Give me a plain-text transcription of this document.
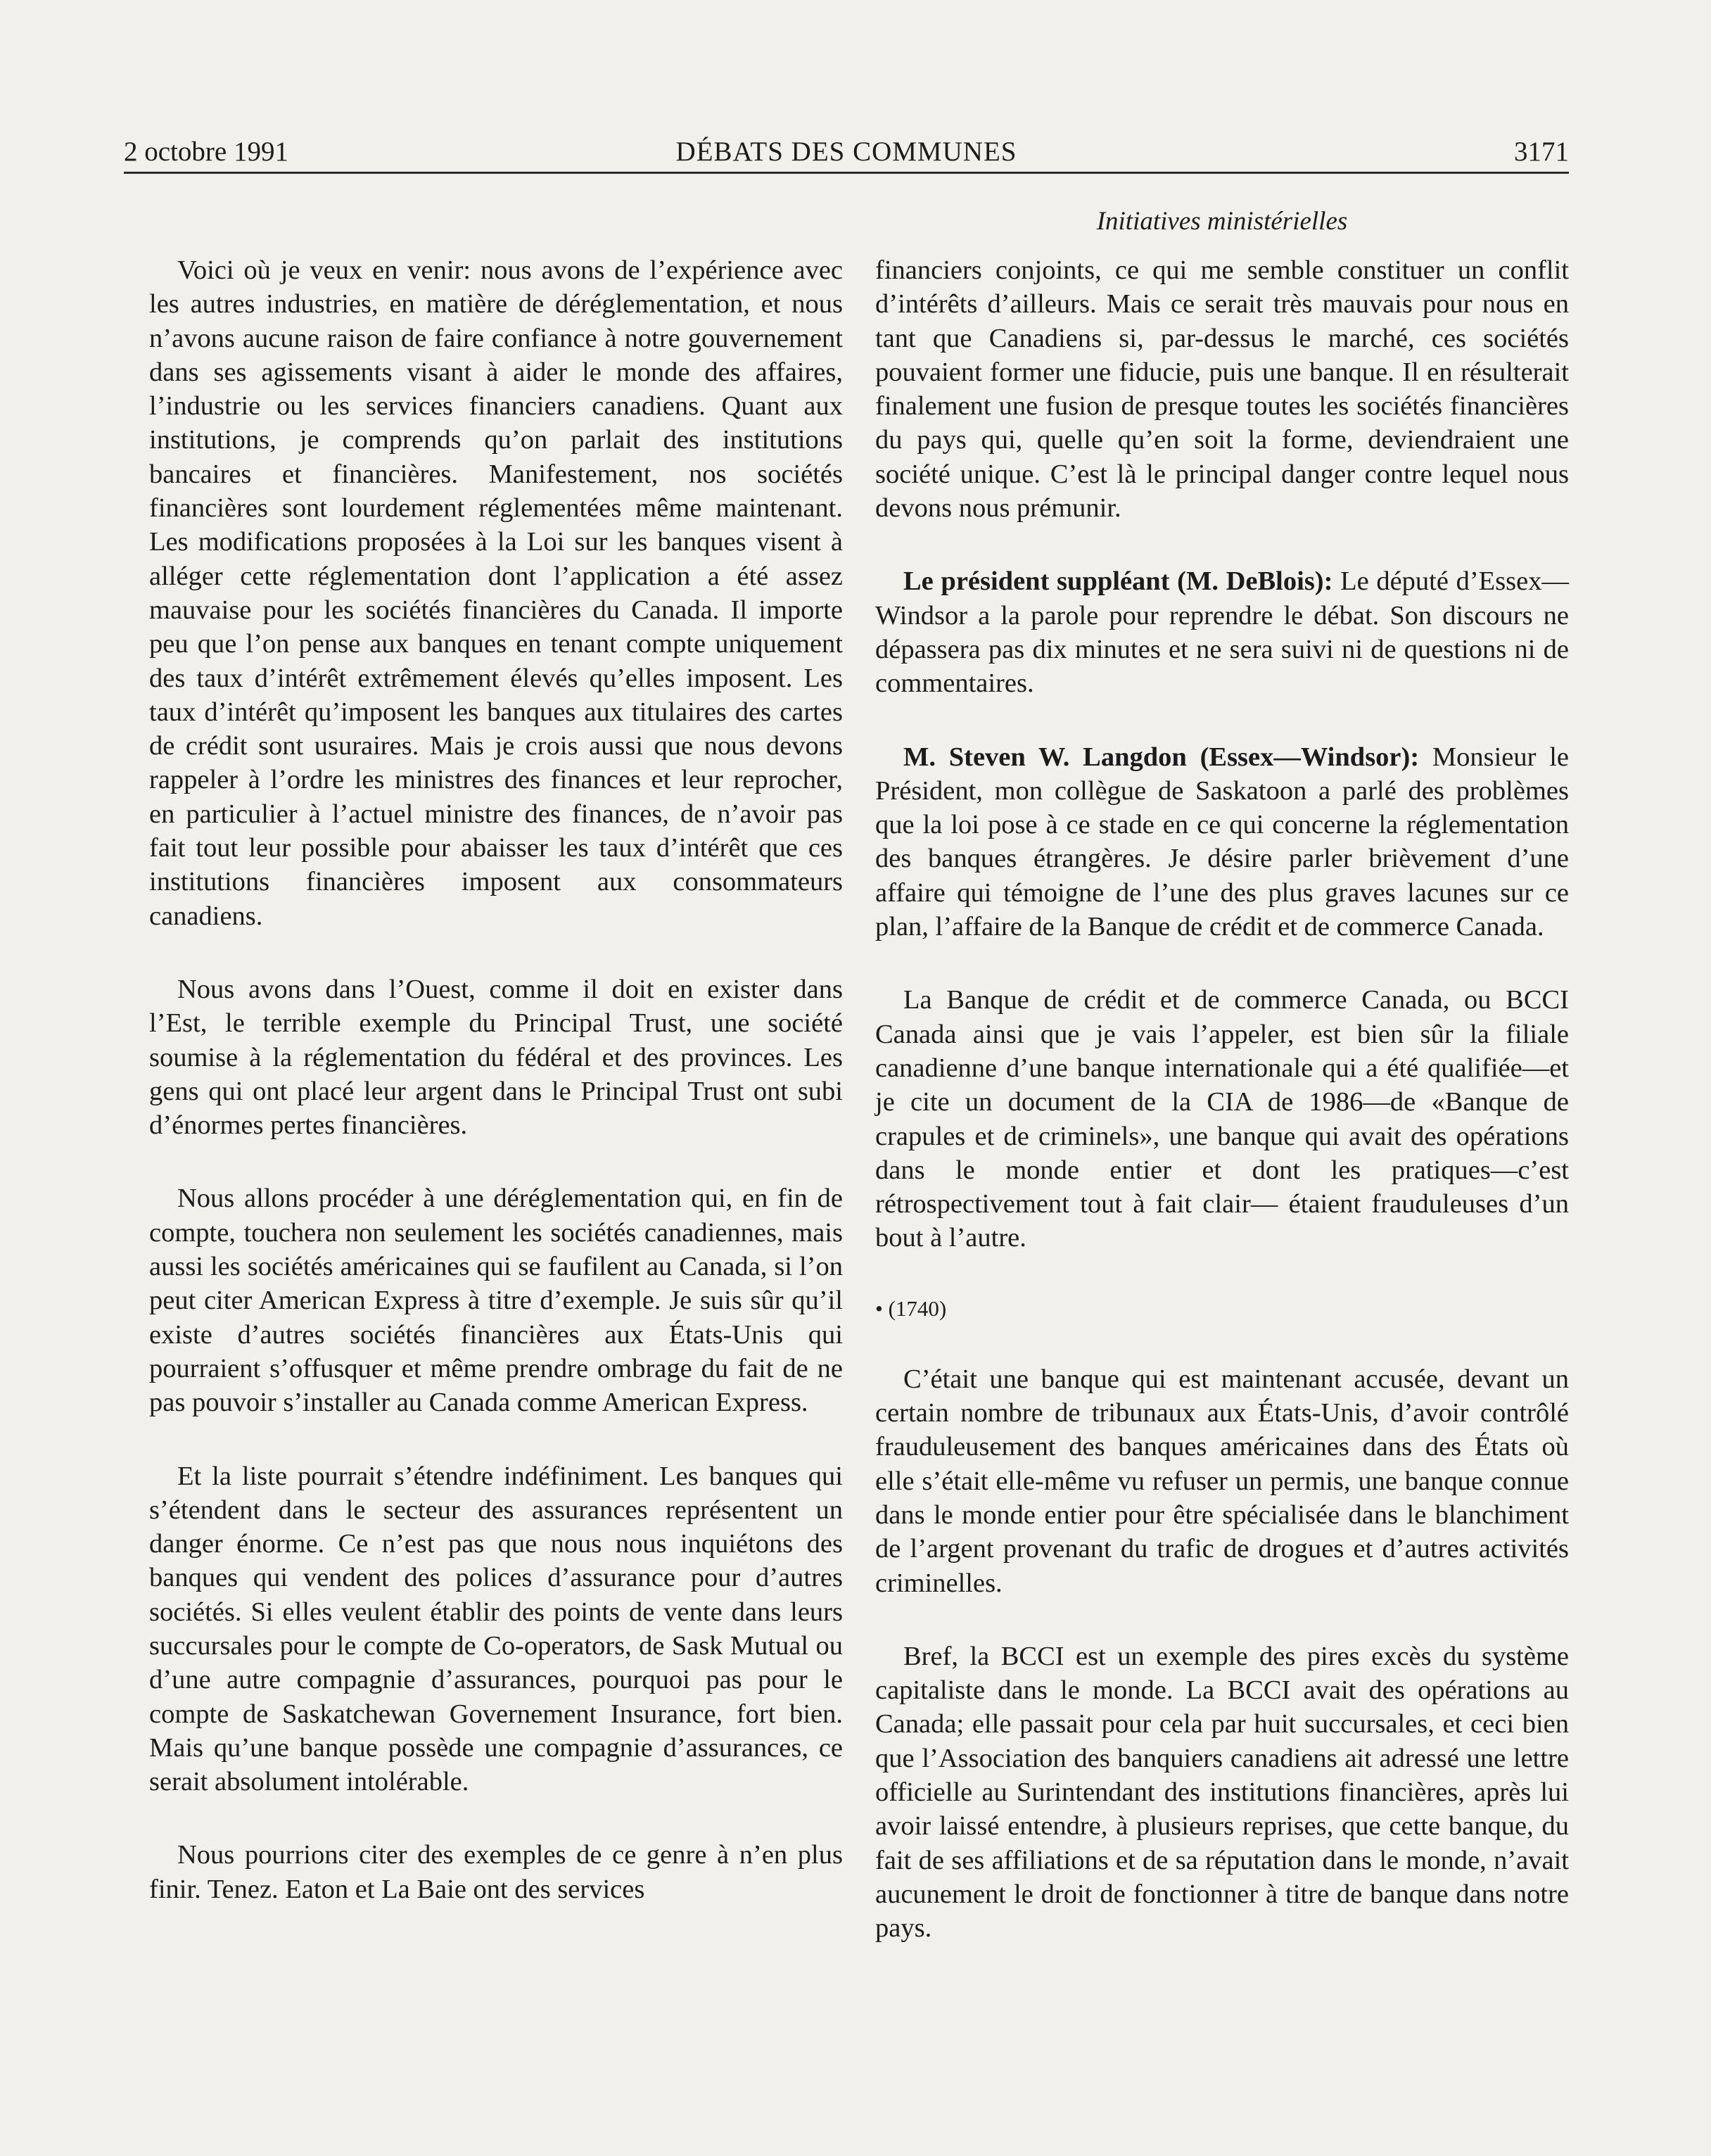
2 octobre 1991	DÉBATS DES COMMUNES	3171
Initiatives ministérielles

Voici où je veux en venir: nous avons de l’expérience avec les autres industries, en matière de déréglementation, et nous n’avons aucune raison de faire confiance à notre gouvernement dans ses agissements visant à aider le monde des affaires, l’industrie ou les services financiers canadiens. Quant aux institutions, je comprends qu’on parlait des institutions bancaires et financières. Manifestement, nos sociétés financières sont lourdement réglementées même maintenant. Les modifications proposées à la Loi sur les banques visent à alléger cette réglementation dont l’application a été assez mauvaise pour les sociétés financières du Canada. Il importe peu que l’on pense aux banques en tenant compte uniquement des taux d’intérêt extrêmement élevés qu’elles imposent. Les taux d’intérêt qu’imposent les banques aux titulaires des cartes de crédit sont usuraires. Mais je crois aussi que nous devons rappeler à l’ordre les ministres des finances et leur reprocher, en particulier à l’actuel ministre des finances, de n’avoir pas fait tout leur possible pour abaisser les taux d’intérêt que ces institutions financières imposent aux consommateurs canadiens.

Nous avons dans l’Ouest, comme il doit en exister dans l’Est, le terrible exemple du Principal Trust, une société soumise à la réglementation du fédéral et des provinces. Les gens qui ont placé leur argent dans le Principal Trust ont subi d’énormes pertes financières.

Nous allons procéder à une déréglementation qui, en fin de compte, touchera non seulement les sociétés canadiennes, mais aussi les sociétés américaines qui se faufilent au Canada, si l’on peut citer American Express à titre d’exemple. Je suis sûr qu’il existe d’autres sociétés financières aux États-Unis qui pourraient s’offusquer et même prendre ombrage du fait de ne pas pouvoir s’installer au Canada comme American Express.

Et la liste pourrait s’étendre indéfiniment. Les banques qui s’étendent dans le secteur des assurances représentent un danger énorme. Ce n’est pas que nous nous inquiétons des banques qui vendent des polices d’assurance pour d’autres sociétés. Si elles veulent établir des points de vente dans leurs succursales pour le compte de Co-operators, de Sask Mutual ou d’une autre compagnie d’assurances, pourquoi pas pour le compte de Saskatchewan Governement Insurance, fort bien. Mais qu’une banque possède une compagnie d’assurances, ce serait absolument intolérable.

Nous pourrions citer des exemples de ce genre à n’en plus finir. Tenez. Eaton et La Baie ont des services

financiers conjoints, ce qui me semble constituer un conflit d’intérêts d’ailleurs. Mais ce serait très mauvais pour nous en tant que Canadiens si, par-dessus le marché, ces sociétés pouvaient former une fiducie, puis une banque. Il en résulterait finalement une fusion de presque toutes les sociétés financières du pays qui, quelle qu’en soit la forme, deviendraient une société unique. C’est là le principal danger contre lequel nous devons nous prémunir.

Le président suppléant (M. DeBlois): Le député d’Essex—Windsor a la parole pour reprendre le débat. Son discours ne dépassera pas dix minutes et ne sera suivi ni de questions ni de commentaires.

M. Steven W. Langdon (Essex—Windsor): Monsieur le Président, mon collègue de Saskatoon a parlé des problèmes que la loi pose à ce stade en ce qui concerne la réglementation des banques étrangères. Je désire parler brièvement d’une affaire qui témoigne de l’une des plus graves lacunes sur ce plan, l’affaire de la Banque de crédit et de commerce Canada.

La Banque de crédit et de commerce Canada, ou BCCI Canada ainsi que je vais l’appeler, est bien sûr la filiale canadienne d’une banque internationale qui a été qualifiée—et je cite un document de la CIA de 1986—de «Banque de crapules et de criminels», une banque qui avait des opérations dans le monde entier et dont les pratiques—c’est rétrospectivement tout à fait clair— étaient frauduleuses d’un bout à l’autre.

• (1740)

C’était une banque qui est maintenant accusée, devant un certain nombre de tribunaux aux États-Unis, d’avoir contrôlé frauduleusement des banques américaines dans des États où elle s’était elle-même vu refuser un permis, une banque connue dans le monde entier pour être spécialisée dans le blanchiment de l’argent provenant du trafic de drogues et d’autres activités criminelles.

Bref, la BCCI est un exemple des pires excès du système capitaliste dans le monde. La BCCI avait des opérations au Canada; elle passait pour cela par huit succursales, et ceci bien que l’Association des banquiers canadiens ait adressé une lettre officielle au Surintendant des institutions financières, après lui avoir laissé entendre, à plusieurs reprises, que cette banque, du fait de ses affiliations et de sa réputation dans le monde, n’avait aucunement le droit de fonctionner à titre de banque dans notre pays.
